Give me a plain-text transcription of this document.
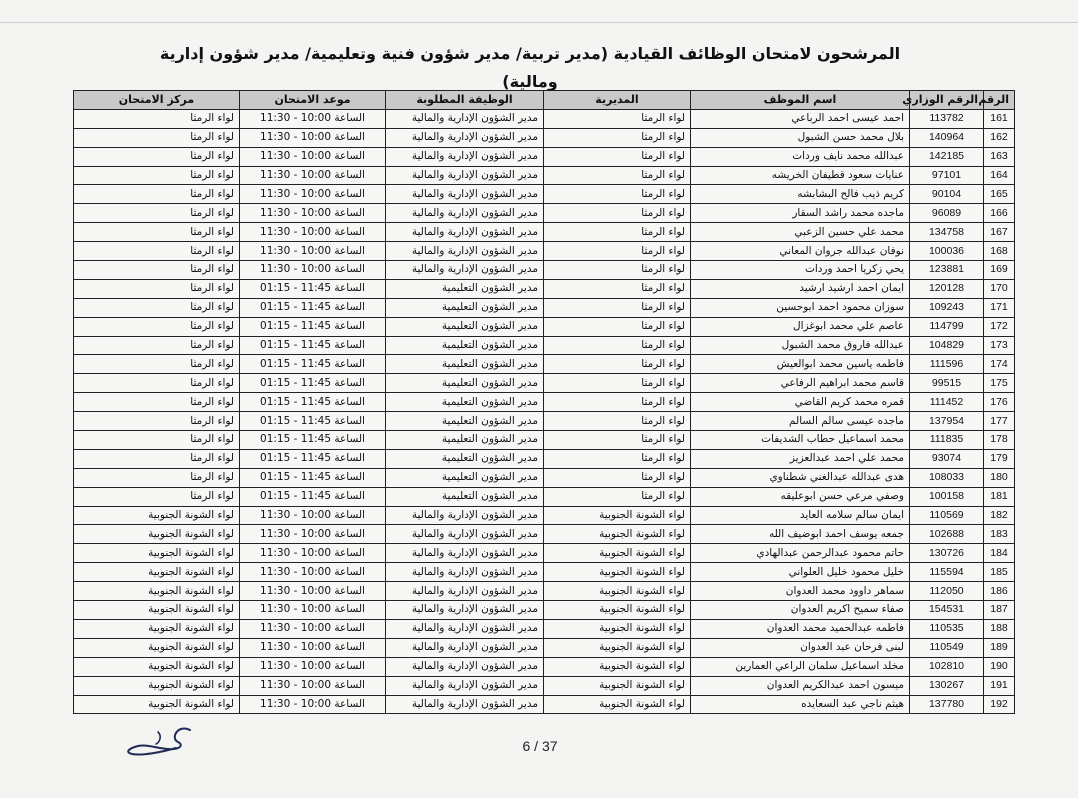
المرشحون لامتحان الوظائف القيادية (مدير تربية/ مدير شؤون فنية وتعليمية/ مدير شؤون إدارية ومالية)
الرقم	الرقم الوزاري	اسم الموظف	المديرية	الوظيفة المطلوبة	موعد الامتحان	مركز الامتحان
161	113782	احمد عيسى احمد الرباعي	لواء الرمثا	مدير الشؤون الإدارية والمالية	الساعة 10:00 - 11:30	لواء الرمثا
162	140964	بلال محمد حسن الشبول	لواء الرمثا	مدير الشؤون الإدارية والمالية	الساعة 10:00 - 11:30	لواء الرمثا
163	142185	عبدالله محمد نايف وردات	لواء الرمثا	مدير الشؤون الإدارية والمالية	الساعة 10:00 - 11:30	لواء الرمثا
164	97101	عنايات سعود قطيفان الخريشه	لواء الرمثا	مدير الشؤون الإدارية والمالية	الساعة 10:00 - 11:30	لواء الرمثا
165	90104	كريم ذيب فالح البشابشه	لواء الرمثا	مدير الشؤون الإدارية والمالية	الساعة 10:00 - 11:30	لواء الرمثا
166	96089	ماجده محمد راشد السقار	لواء الرمثا	مدير الشؤون الإدارية والمالية	الساعة 10:00 - 11:30	لواء الرمثا
167	134758	محمد علي حسين الزعبي	لواء الرمثا	مدير الشؤون الإدارية والمالية	الساعة 10:00 - 11:30	لواء الرمثا
168	100036	نوفان عبدالله جروان المعاني	لواء الرمثا	مدير الشؤون الإدارية والمالية	الساعة 10:00 - 11:30	لواء الرمثا
169	123881	يحي زكريا احمد وردات	لواء الرمثا	مدير الشؤون الإدارية والمالية	الساعة 10:00 - 11:30	لواء الرمثا
170	120128	ايمان احمد ارشيد ارشيد	لواء الرمثا	مدير الشؤون التعليمية	الساعة 11:45 - 01:15	لواء الرمثا
171	109243	سوزان محمود احمد ابوحسين	لواء الرمثا	مدير الشؤون التعليمية	الساعة 11:45 - 01:15	لواء الرمثا
172	114799	عاصم علي محمد ابوغزال	لواء الرمثا	مدير الشؤون التعليمية	الساعة 11:45 - 01:15	لواء الرمثا
173	104829	عبدالله فاروق محمد الشبول	لواء الرمثا	مدير الشؤون التعليمية	الساعة 11:45 - 01:15	لواء الرمثا
174	111596	فاطمه ياسين محمد ابوالعيش	لواء الرمثا	مدير الشؤون التعليمية	الساعة 11:45 - 01:15	لواء الرمثا
175	99515	قاسم محمد ابراهيم الرفاعي	لواء الرمثا	مدير الشؤون التعليمية	الساعة 11:45 - 01:15	لواء الرمثا
176	111452	قمره محمد كريم القاضي	لواء الرمثا	مدير الشؤون التعليمية	الساعة 11:45 - 01:15	لواء الرمثا
177	137954	ماجده عيسى سالم السالم	لواء الرمثا	مدير الشؤون التعليمية	الساعة 11:45 - 01:15	لواء الرمثا
178	111835	محمد اسماعيل حطاب الشديفات	لواء الرمثا	مدير الشؤون التعليمية	الساعة 11:45 - 01:15	لواء الرمثا
179	93074	محمد علي احمد عبدالعزيز	لواء الرمثا	مدير الشؤون التعليمية	الساعة 11:45 - 01:15	لواء الرمثا
180	108033	هدى عبدالله عبدالغني شطناوي	لواء الرمثا	مدير الشؤون التعليمية	الساعة 11:45 - 01:15	لواء الرمثا
181	100158	وصفي مرعي حسن ابوعليقه	لواء الرمثا	مدير الشؤون التعليمية	الساعة 11:45 - 01:15	لواء الرمثا
182	110569	ايمان سالم سلامه العايد	لواء الشونة الجنوبية	مدير الشؤون الإدارية والمالية	الساعة 10:00 - 11:30	لواء الشونة الجنوبية
183	102688	جمعه يوسف احمد ابوضيف الله	لواء الشونة الجنوبية	مدير الشؤون الإدارية والمالية	الساعة 10:00 - 11:30	لواء الشونة الجنوبية
184	130726	حاتم محمود عبدالرحمن عبدالهادي	لواء الشونة الجنوبية	مدير الشؤون الإدارية والمالية	الساعة 10:00 - 11:30	لواء الشونة الجنوبية
185	115594	خليل محمود خليل العلواني	لواء الشونة الجنوبية	مدير الشؤون الإدارية والمالية	الساعة 10:00 - 11:30	لواء الشونة الجنوبية
186	112050	سماهر داوود محمد العدوان	لواء الشونة الجنوبية	مدير الشؤون الإدارية والمالية	الساعة 10:00 - 11:30	لواء الشونة الجنوبية
187	154531	صفاء سميح اكريم العدوان	لواء الشونة الجنوبية	مدير الشؤون الإدارية والمالية	الساعة 10:00 - 11:30	لواء الشونة الجنوبية
188	110535	فاطمه عبدالحميد محمد العدوان	لواء الشونة الجنوبية	مدير الشؤون الإدارية والمالية	الساعة 10:00 - 11:30	لواء الشونة الجنوبية
189	110549	لبنى فرحان عبد العدوان	لواء الشونة الجنوبية	مدير الشؤون الإدارية والمالية	الساعة 10:00 - 11:30	لواء الشونة الجنوبية
190	102810	مخلد اسماعيل سلمان الراعي العمارين	لواء الشونة الجنوبية	مدير الشؤون الإدارية والمالية	الساعة 10:00 - 11:30	لواء الشونة الجنوبية
191	130267	ميسون احمد عبدالكريم العدوان	لواء الشونة الجنوبية	مدير الشؤون الإدارية والمالية	الساعة 10:00 - 11:30	لواء الشونة الجنوبية
192	137780	هيثم ناجي عبد السعايده	لواء الشونة الجنوبية	مدير الشؤون الإدارية والمالية	الساعة 10:00 - 11:30	لواء الشونة الجنوبية
6 / 37
